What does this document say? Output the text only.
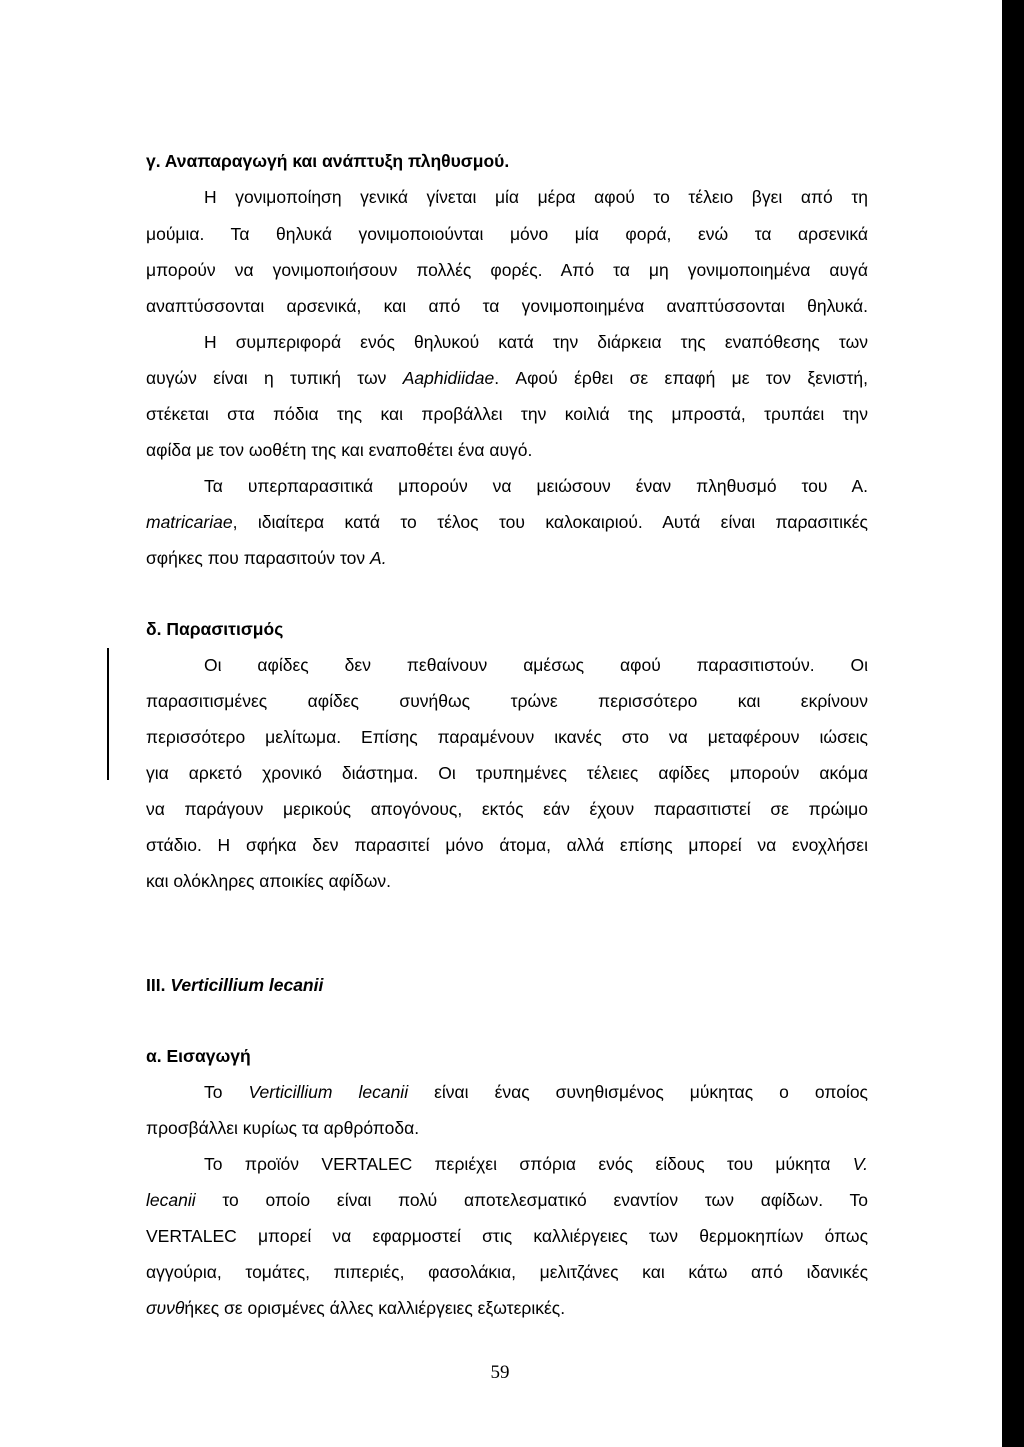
γ. Αναπαραγωγή και ανάπτυξη πληθυσμού.
Η γονιμοποίηση γενικά γίνεται μία μέρα αφού το τέλειο βγει από τη
μούμια. Τα θηλυκά γονιμοποιούνται μόνο μία φορά, ενώ τα αρσενικά
μπορούν να γονιμοποιήσουν πολλές φορές. Από τα μη γονιμοποιημένα αυγά
αναπτύσσονται αρσενικά, και από τα γονιμοποιημένα αναπτύσσονται θηλυκά.
Η συμπεριφορά ενός θηλυκού κατά την διάρκεια της εναπόθεσης των
αυγών είναι η τυπική των Aaphidiidae. Αφού έρθει σε επαφή με τον ξενιστή,
στέκεται στα πόδια της και προβάλλει την κοιλιά της μπροστά, τρυπάει την
αφίδα με τον ωοθέτη της και εναποθέτει ένα αυγό.
Τα υπερπαρασιτικά μπορούν να μειώσουν έναν πληθυσμό του Α.
matricariae, ιδιαίτερα κατά το τέλος του καλοκαιριού. Αυτά είναι παρασιτικές
σφήκες που παρασιτούν τον Α.
δ. Παρασιτισμός
Οι αφίδες δεν πεθαίνουν αμέσως αφού παρασιτιστούν. Οι
παρασιτισμένες αφίδες συνήθως τρώνε περισσότερο και εκρίνουν
περισσότερο μελίτωμα. Επίσης παραμένουν ικανές στο να μεταφέρουν ιώσεις
για αρκετό χρονικό διάστημα. Οι τρυπημένες τέλειες αφίδες μπορούν ακόμα
να παράγουν μερικούς απογόνους, εκτός εάν έχουν παρασιτιστεί σε πρώιμο
στάδιο. Η σφήκα δεν παρασιτεί μόνο άτομα, αλλά επίσης μπορεί να ενοχλήσει
και ολόκληρες αποικίες αφίδων.
III. Verticillium lecanii
α. Εισαγωγή
Το Verticillium lecanii είναι ένας συνηθισμένος μύκητας ο οποίος
προσβάλλει κυρίως τα αρθρόποδα.
Το προϊόν VERTALEC περιέχει σπόρια ενός είδους του μύκητα V.
lecanii το οποίο είναι πολύ αποτελεσματικό εναντίον των αφίδων. Το
VERTALEC μπορεί να εφαρμοστεί στις καλλιέργειες των θερμοκηπίων όπως
αγγούρια, τομάτες, πιπεριές, φασολάκια, μελιτζάνες και κάτω από ιδανικές
συνθήκες σε ορισμένες άλλες καλλιέργειες εξωτερικές.
59
